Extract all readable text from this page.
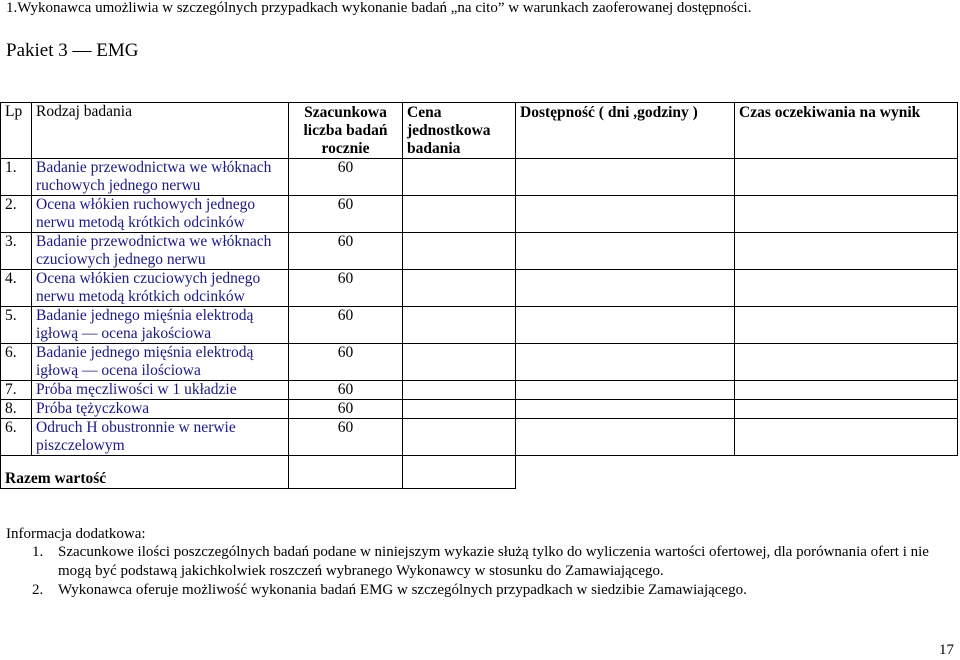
1.Wykonawca umożliwia w szczególnych przypadkach wykonanie badań „na cito” w warunkach zaoferowanej dostępności.
Pakiet 3 — EMG
Lp	Rodzaj badania	Szacunkowa liczba badań rocznie	Cena jednostkowa badania	Dostępność ( dni ,godziny )	Czas oczekiwania na wynik
1.	Badanie przewodnictwa we włóknach ruchowych jednego nerwu	60			
2.	Ocena włókien ruchowych jednego nerwu metodą krótkich odcinków	60			
3.	Badanie przewodnictwa we włóknach czuciowych jednego nerwu	60			
4.	Ocena włókien czuciowych jednego nerwu metodą krótkich odcinków	60			
5.	Badanie jednego mięśnia elektrodą igłową — ocena jakościowa	60			
6.	Badanie jednego mięśnia elektrodą igłową — ocena ilościowa	60			
7.	Próba męczliwości w 1 układzie	60			
8.	Próba tężyczkowa	60			
6.	Odruch H obustronnie w nerwie piszczelowym	60			
Razem wartość					
Informacja dodatkowa:
1. Szacunkowe ilości poszczególnych badań podane w niniejszym wykazie służą tylko do wyliczenia wartości ofertowej, dla porównania ofert i nie mogą być podstawą jakichkolwiek roszczeń wybranego Wykonawcy w stosunku do Zamawiającego.
2. Wykonawca oferuje możliwość wykonania badań EMG w szczególnych przypadkach w siedzibie Zamawiającego.
17
